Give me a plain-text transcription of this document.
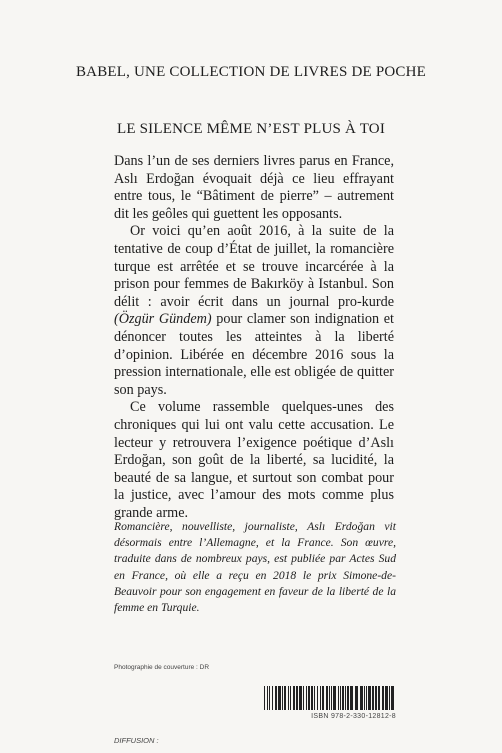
BABEL, UNE COLLECTION DE LIVRES DE POCHE
LE SILENCE MÊME N’EST PLUS À TOI

Dans l’un de ses derniers livres parus en France, Aslı Erdoğan évoquait déjà ce lieu effrayant entre tous, le “Bâtiment de pierre” – autrement dit les geôles qui guettent les opposants.

Or voici qu’en août 2016, à la suite de la tentative de coup d’État de juillet, la romancière turque est arrêtée et se trouve incarcérée à la prison pour femmes de Bakırköy à Istanbul. Son délit : avoir écrit dans un journal pro-kurde (Özgür Gündem) pour clamer son indignation et dénoncer toutes les atteintes à la liberté d’opinion. Libérée en décembre 2016 sous la pression internationale, elle est obligée de quitter son pays.

Ce volume rassemble quelques-unes des chroniques qui lui ont valu cette accusation. Le lecteur y retrouvera l’exigence poétique d’Aslı Erdoğan, son goût de la liberté, sa lucidité, la beauté de sa langue, et surtout son combat pour la justice, avec l’amour des mots comme plus grande arme.

Romancière, nouvelliste, journaliste, Aslı Erdoğan vit désormais entre l’Allemagne, et la France. Son œuvre, traduite dans de nombreux pays, est publiée par Actes Sud en France, où elle a reçu en 2018 le prix Simone-de-Beauvoir pour son engagement en faveur de la liberté de la femme en Turquie.

Photographie de couverture : DR
ISBN 978-2-330-12812-8
DIFFUSION :
